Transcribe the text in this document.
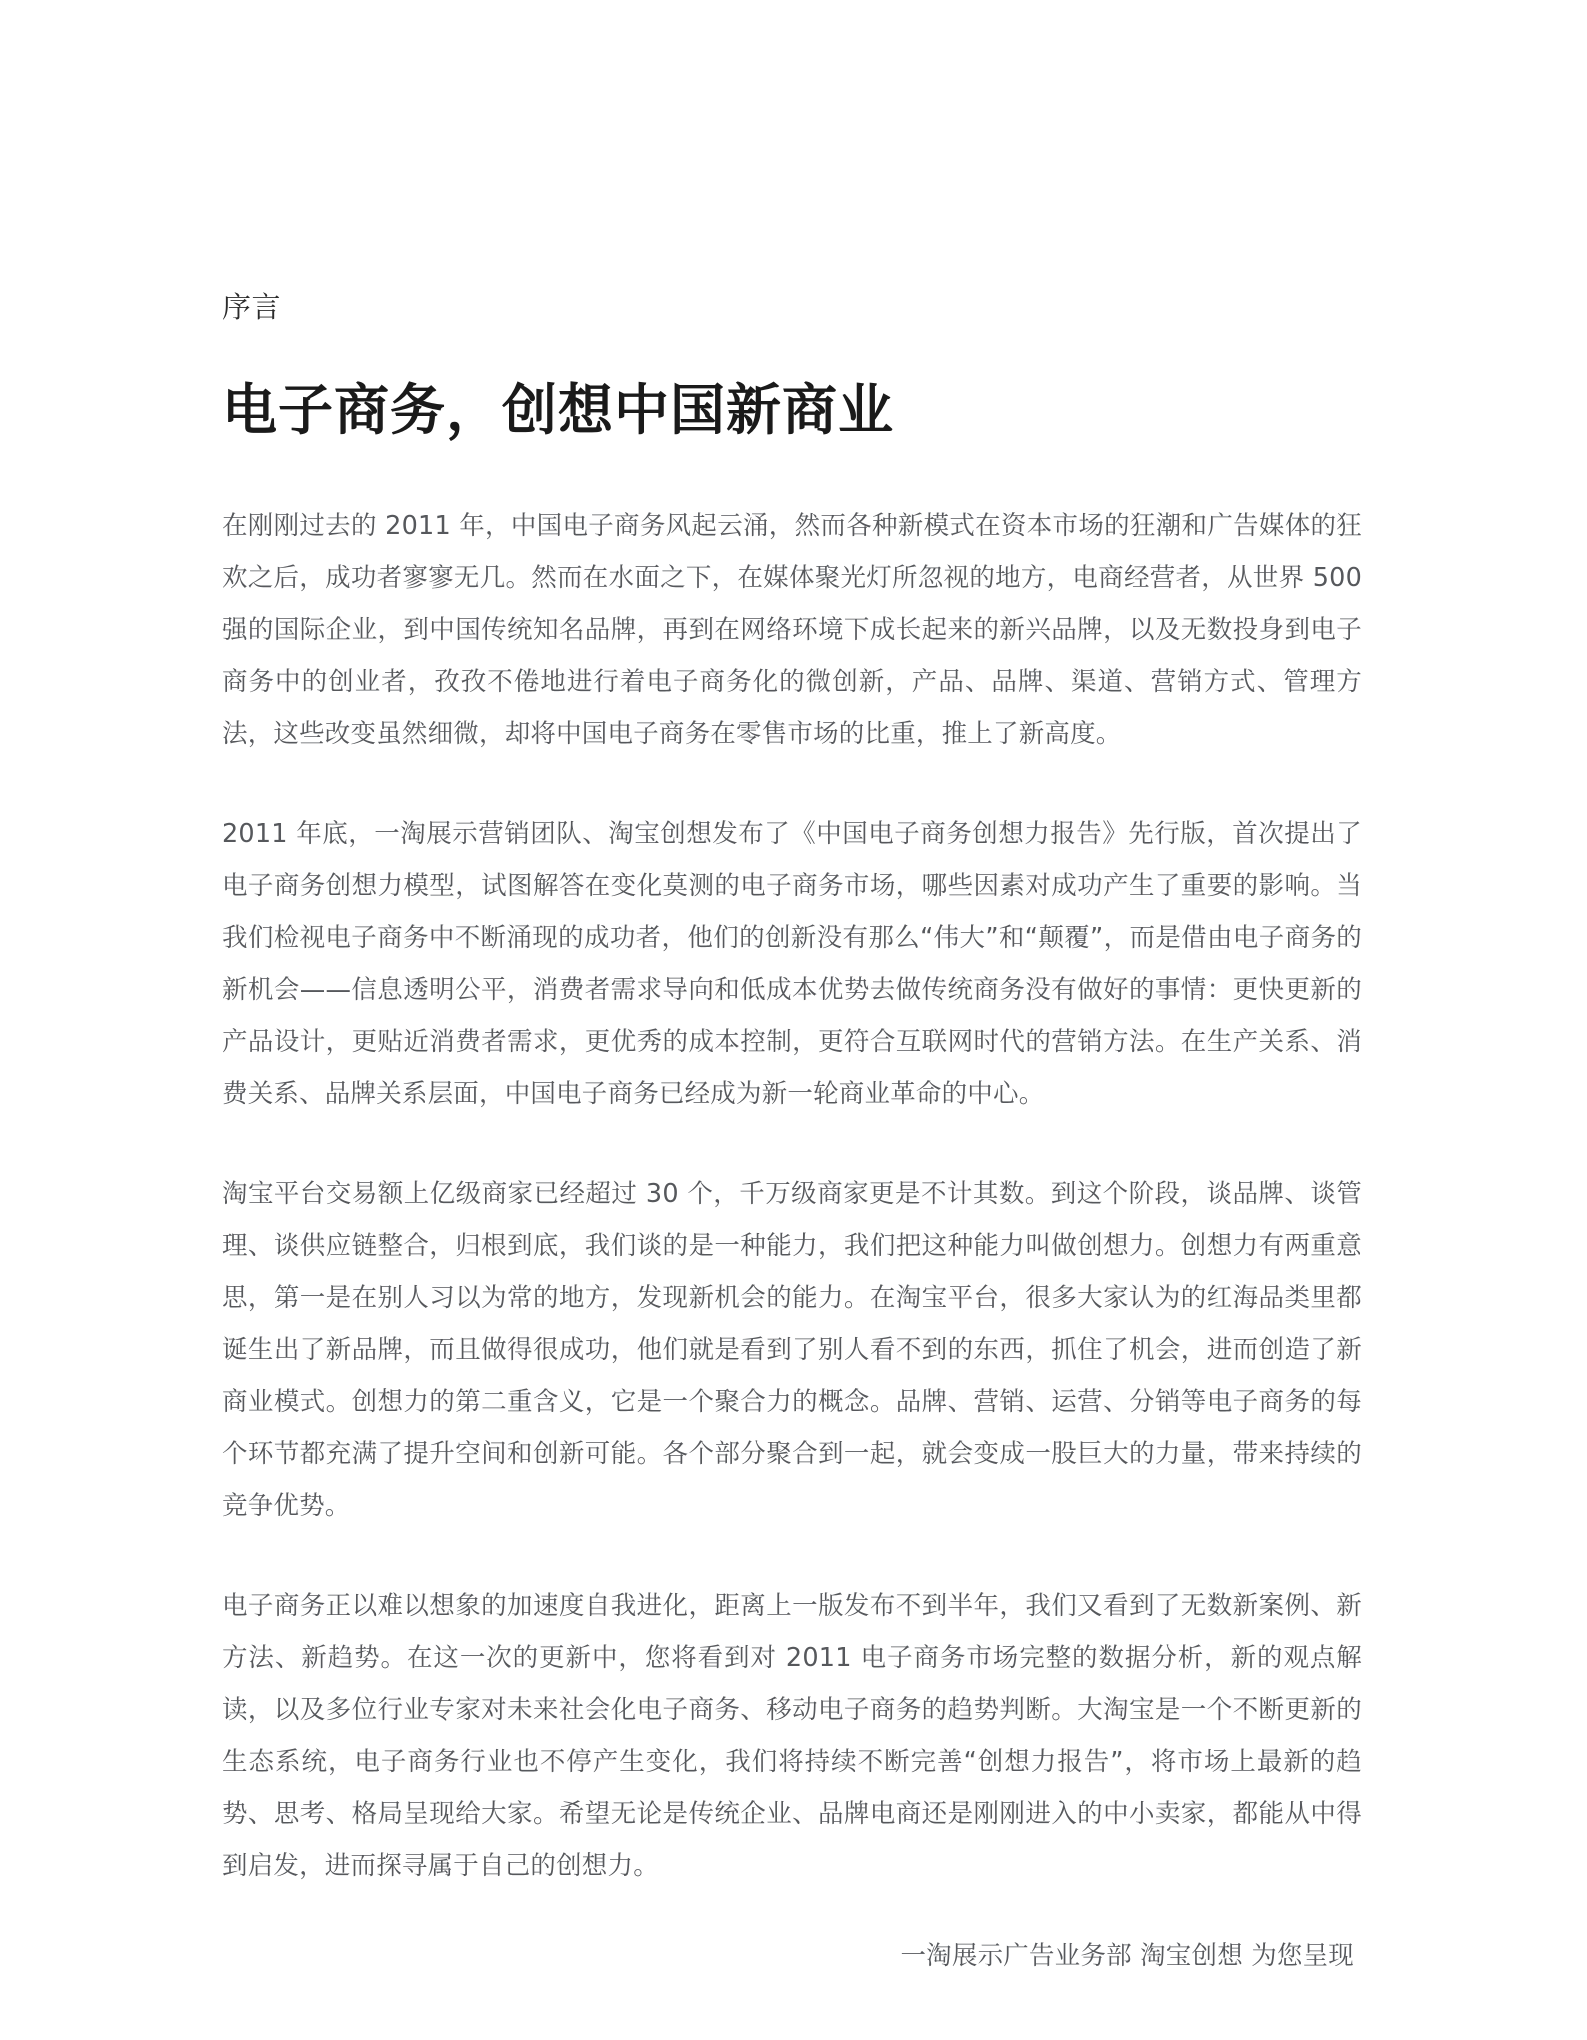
序言
电子商务，创想中国新商业

在刚刚过去的 2011 年，中国电子商务风起云涌，然而各种新模式在资本市场的狂潮和广告媒体的狂欢之后，成功者寥寥无几。然而在水面之下，在媒体聚光灯所忽视的地方，电商经营者，从世界 500 强的国际企业，到中国传统知名品牌，再到在网络环境下成长起来的新兴品牌，以及无数投身到电子商务中的创业者，孜孜不倦地进行着电子商务化的微创新，产品、品牌、渠道、营销方式、管理方法，这些改变虽然细微，却将中国电子商务在零售市场的比重，推上了新高度。

2011 年底，一淘展示营销团队、淘宝创想发布了《中国电子商务创想力报告》先行版，首次提出了电子商务创想力模型，试图解答在变化莫测的电子商务市场，哪些因素对成功产生了重要的影响。当我们检视电子商务中不断涌现的成功者，他们的创新没有那么“伟大”和“颠覆”，而是借由电子商务的新机会——信息透明公平，消费者需求导向和低成本优势去做传统商务没有做好的事情：更快更新的产品设计，更贴近消费者需求，更优秀的成本控制，更符合互联网时代的营销方法。在生产关系、消费关系、品牌关系层面，中国电子商务已经成为新一轮商业革命的中心。

淘宝平台交易额上亿级商家已经超过 30 个，千万级商家更是不计其数。到这个阶段，谈品牌、谈管理、谈供应链整合，归根到底，我们谈的是一种能力，我们把这种能力叫做创想力。创想力有两重意思，第一是在别人习以为常的地方，发现新机会的能力。在淘宝平台，很多大家认为的红海品类里都诞生出了新品牌，而且做得很成功，他们就是看到了别人看不到的东西，抓住了机会，进而创造了新商业模式。创想力的第二重含义，它是一个聚合力的概念。品牌、营销、运营、分销等电子商务的每个环节都充满了提升空间和创新可能。各个部分聚合到一起，就会变成一股巨大的力量，带来持续的竞争优势。

电子商务正以难以想象的加速度自我进化，距离上一版发布不到半年，我们又看到了无数新案例、新方法、新趋势。在这一次的更新中，您将看到对 2011 电子商务市场完整的数据分析，新的观点解读，以及多位行业专家对未来社会化电子商务、移动电子商务的趋势判断。大淘宝是一个不断更新的生态系统，电子商务行业也不停产生变化，我们将持续不断完善“创想力报告”，将市场上最新的趋势、思考、格局呈现给大家。希望无论是传统企业、品牌电商还是刚刚进入的中小卖家，都能从中得到启发，进而探寻属于自己的创想力。

一淘展示广告业务部 淘宝创想 为您呈现
